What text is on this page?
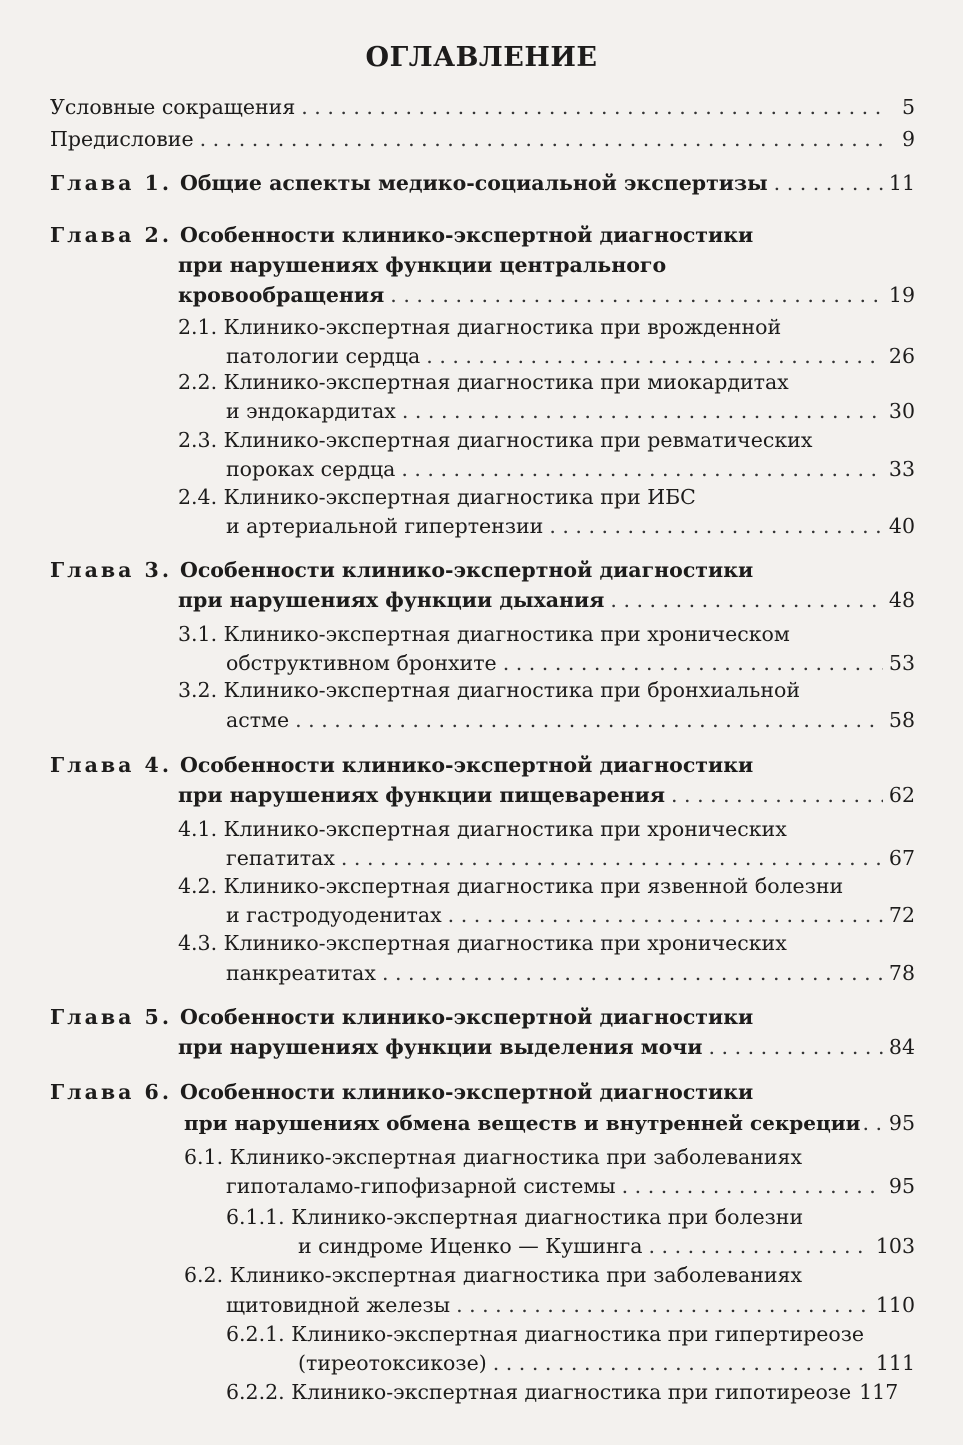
ОГЛАВЛЕНИЕ
Условные сокращения . . .	5
Предисловие . . .	9
Глава 1. Общие аспекты медико-социальной экспертизы . . .	11
Глава 2. Особенности клинико-экспертной диагностики
при нарушениях функции центрального
кровообращения . . .	19
2.1. Клинико-экспертная диагностика при врожденной
патологии сердца . . .	26
2.2. Клинико-экспертная диагностика при миокардитах
и эндокардитах . . .	30
2.3. Клинико-экспертная диагностика при ревматических
пороках сердца . . .	33
2.4. Клинико-экспертная диагностика при ИБС
и артериальной гипертензии . . .	40
Глава 3. Особенности клинико-экспертной диагностики
при нарушениях функции дыхания . . .	48
3.1. Клинико-экспертная диагностика при хроническом
обструктивном бронхите . . .	53
3.2. Клинико-экспертная диагностика при бронхиальной
астме . . .	58
Глава 4. Особенности клинико-экспертной диагностики
при нарушениях функции пищеварения . . .	62
4.1. Клинико-экспертная диагностика при хронических
гепатитах . . .	67
4.2. Клинико-экспертная диагностика при язвенной болезни
и гастродуоденитах . . .	72
4.3. Клинико-экспертная диагностика при хронических
панкреатитах . . .	78
Глава 5. Особенности клинико-экспертной диагностики
при нарушениях функции выделения мочи . . .	84
Глава 6. Особенности клинико-экспертной диагностики
при нарушениях обмена веществ и внутренней секреции . . . 95
6.1. Клинико-экспертная диагностика при заболеваниях
гипоталамо-гипофизарной системы . . .	95
6.1.1. Клинико-экспертная диагностика при болезни
и синдроме Иценко — Кушинга . . .	103
6.2. Клинико-экспертная диагностика при заболеваниях
щитовидной железы . . .	110
6.2.1. Клинико-экспертная диагностика при гипертиреозе
(тиреотоксикозе) . . .	111
6.2.2. Клинико-экспертная диагностика при гипотиреозе 117
